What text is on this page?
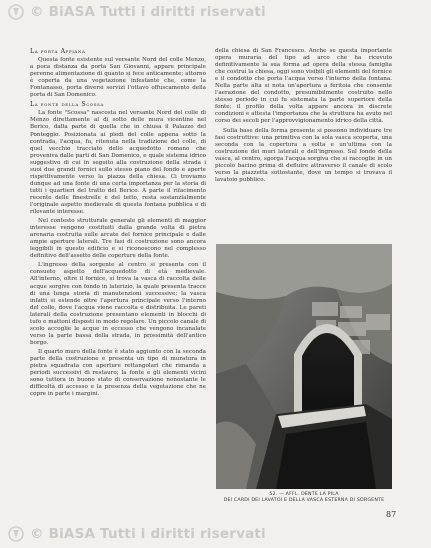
© BiASA Tutti i diritti riservati

La porta Appiana

Questa fonte esistente sul versante Nord del colle Menzo, a poca distanza da porta San Giovanni, appare principale perenne alimentazione di quanto si fece anticamente; attorno è coperta da una vegetazione infestante che, come la Fontanasso, porta diversi servizi l'ottavo offuscamento della porta di San Domenico.

La fonte della Scossa

La fonte "Scossa" nascosta nel versante Nord del colle di Menzo direttamente al di sotto delle mura vicentine nel Berico, dalla parte di quella che in chiusa il Palazzo del Ponteggio. Posizionata ai piedi del colle appena sotto la contrada, l'acqua, fu, ritenuta nella tradizione del colle, di quel vecchio tracciato dello acquedotto romano che proveniva dalle parti di San Domenico, e quale sistema idrico suggestivo di cui in seguito alla costruzione della strada i suoi due grandi fornici sullo stesso piano del fondo e aperte rispettivamente verso la piazza della chiesa. Ci troviamo dunque ad una fonte di una certa importanza per la storia di tutti i quartieri del tratto del Berico. A parte il rifacimento recente delle finestrelle e del tetto, resta sostanzialmente l'originale aspetto medievale di questa fontana pubblica e di rilevante interesse.

Nel contesto strutturale generale gli elementi di maggior interesse vengono costituiti dalla grande volta di pietra arenaria costruita sulle arcate del fornice principale e dalle ampie aperture laterali. Tre fasi di costruzione sono ancora leggibili in questo edificio e si riconoscono nel complesso definitivo dell'assetto delle coperture della fonte.

L'ingresso della sorgente al centro si presenta con il consueto aspetto dell'acquedotto di età medievale. All'interno, oltre il fornice, si trova la vasca di raccolta delle acque sorgive con fondo in laterizio, la quale presenta tracce di una lunga storia di manutenzioni successive; la vasca infatti si estende oltre l'apertura principale verso l'interno del colle, dove l'acqua viene raccolta e distribuita. Le pareti laterali della costruzione presentano elementi in blocchi di tufo e mattoni disposti in modo regolare. Un piccolo canale di scolo accoglie le acque in eccesso che vengono incanalate verso la parte bassa della strada, in prossimità dell'antico borgo.

Il quarto muro della fonte è stato aggiunto con la seconda parte della costruzione e presenta un tipo di muratura in pietra squadrata con aperture rettangolari che rimanda a periodi successivi di restauro; la fonte e gli elementi vicini sono tuttora in buono stato di conservazione nonostante le difficoltà di accesso e la presenza della vegetazione che ne copre in parte i margini.

della chiesa di San Francesco. Anche se questa importante opera muraria del tipo ad arco che ha ricevuto definitivamente la sua forma ad opera della stessa famiglia che costruì la chiesa, oggi sono visibili gli elementi del fornice e il condotto che porta l'acqua verso l'interno della fontana. Nella parte alta si nota un'apertura a feritoia che consente l'aerazione del condotto, presumibilmente costruito nello stesso periodo in cui fu sistemata la parte superiore della fonte; il profilo della volta appare ancora in discrete condizioni e attesta l'importanza che la struttura ha avuto nel corso dei secoli per l'approvvigionamento idrico della città.

Sulla base della forma presente si possono individuare tre fasi costruttive: una primitiva con la sola vasca scoperta, una seconda con la copertura a volta e un'ultima con la costruzione dei muri laterali e dell'ingresso. Sul fondo della vasca, al centro, sgorga l'acqua sorgiva che si raccoglie in un piccolo bacino prima di defluire attraverso il canale di scolo verso la piazzetta sottostante, dove un tempo si trovava il lavatoio pubblico.

52. — AFFL. DENTE LA PILA
DEI CARDI DEI LAVATOI E DELLA VASCA ESTERNA DI SORGENTE
87
© BiASA Tutti i diritti riservati
